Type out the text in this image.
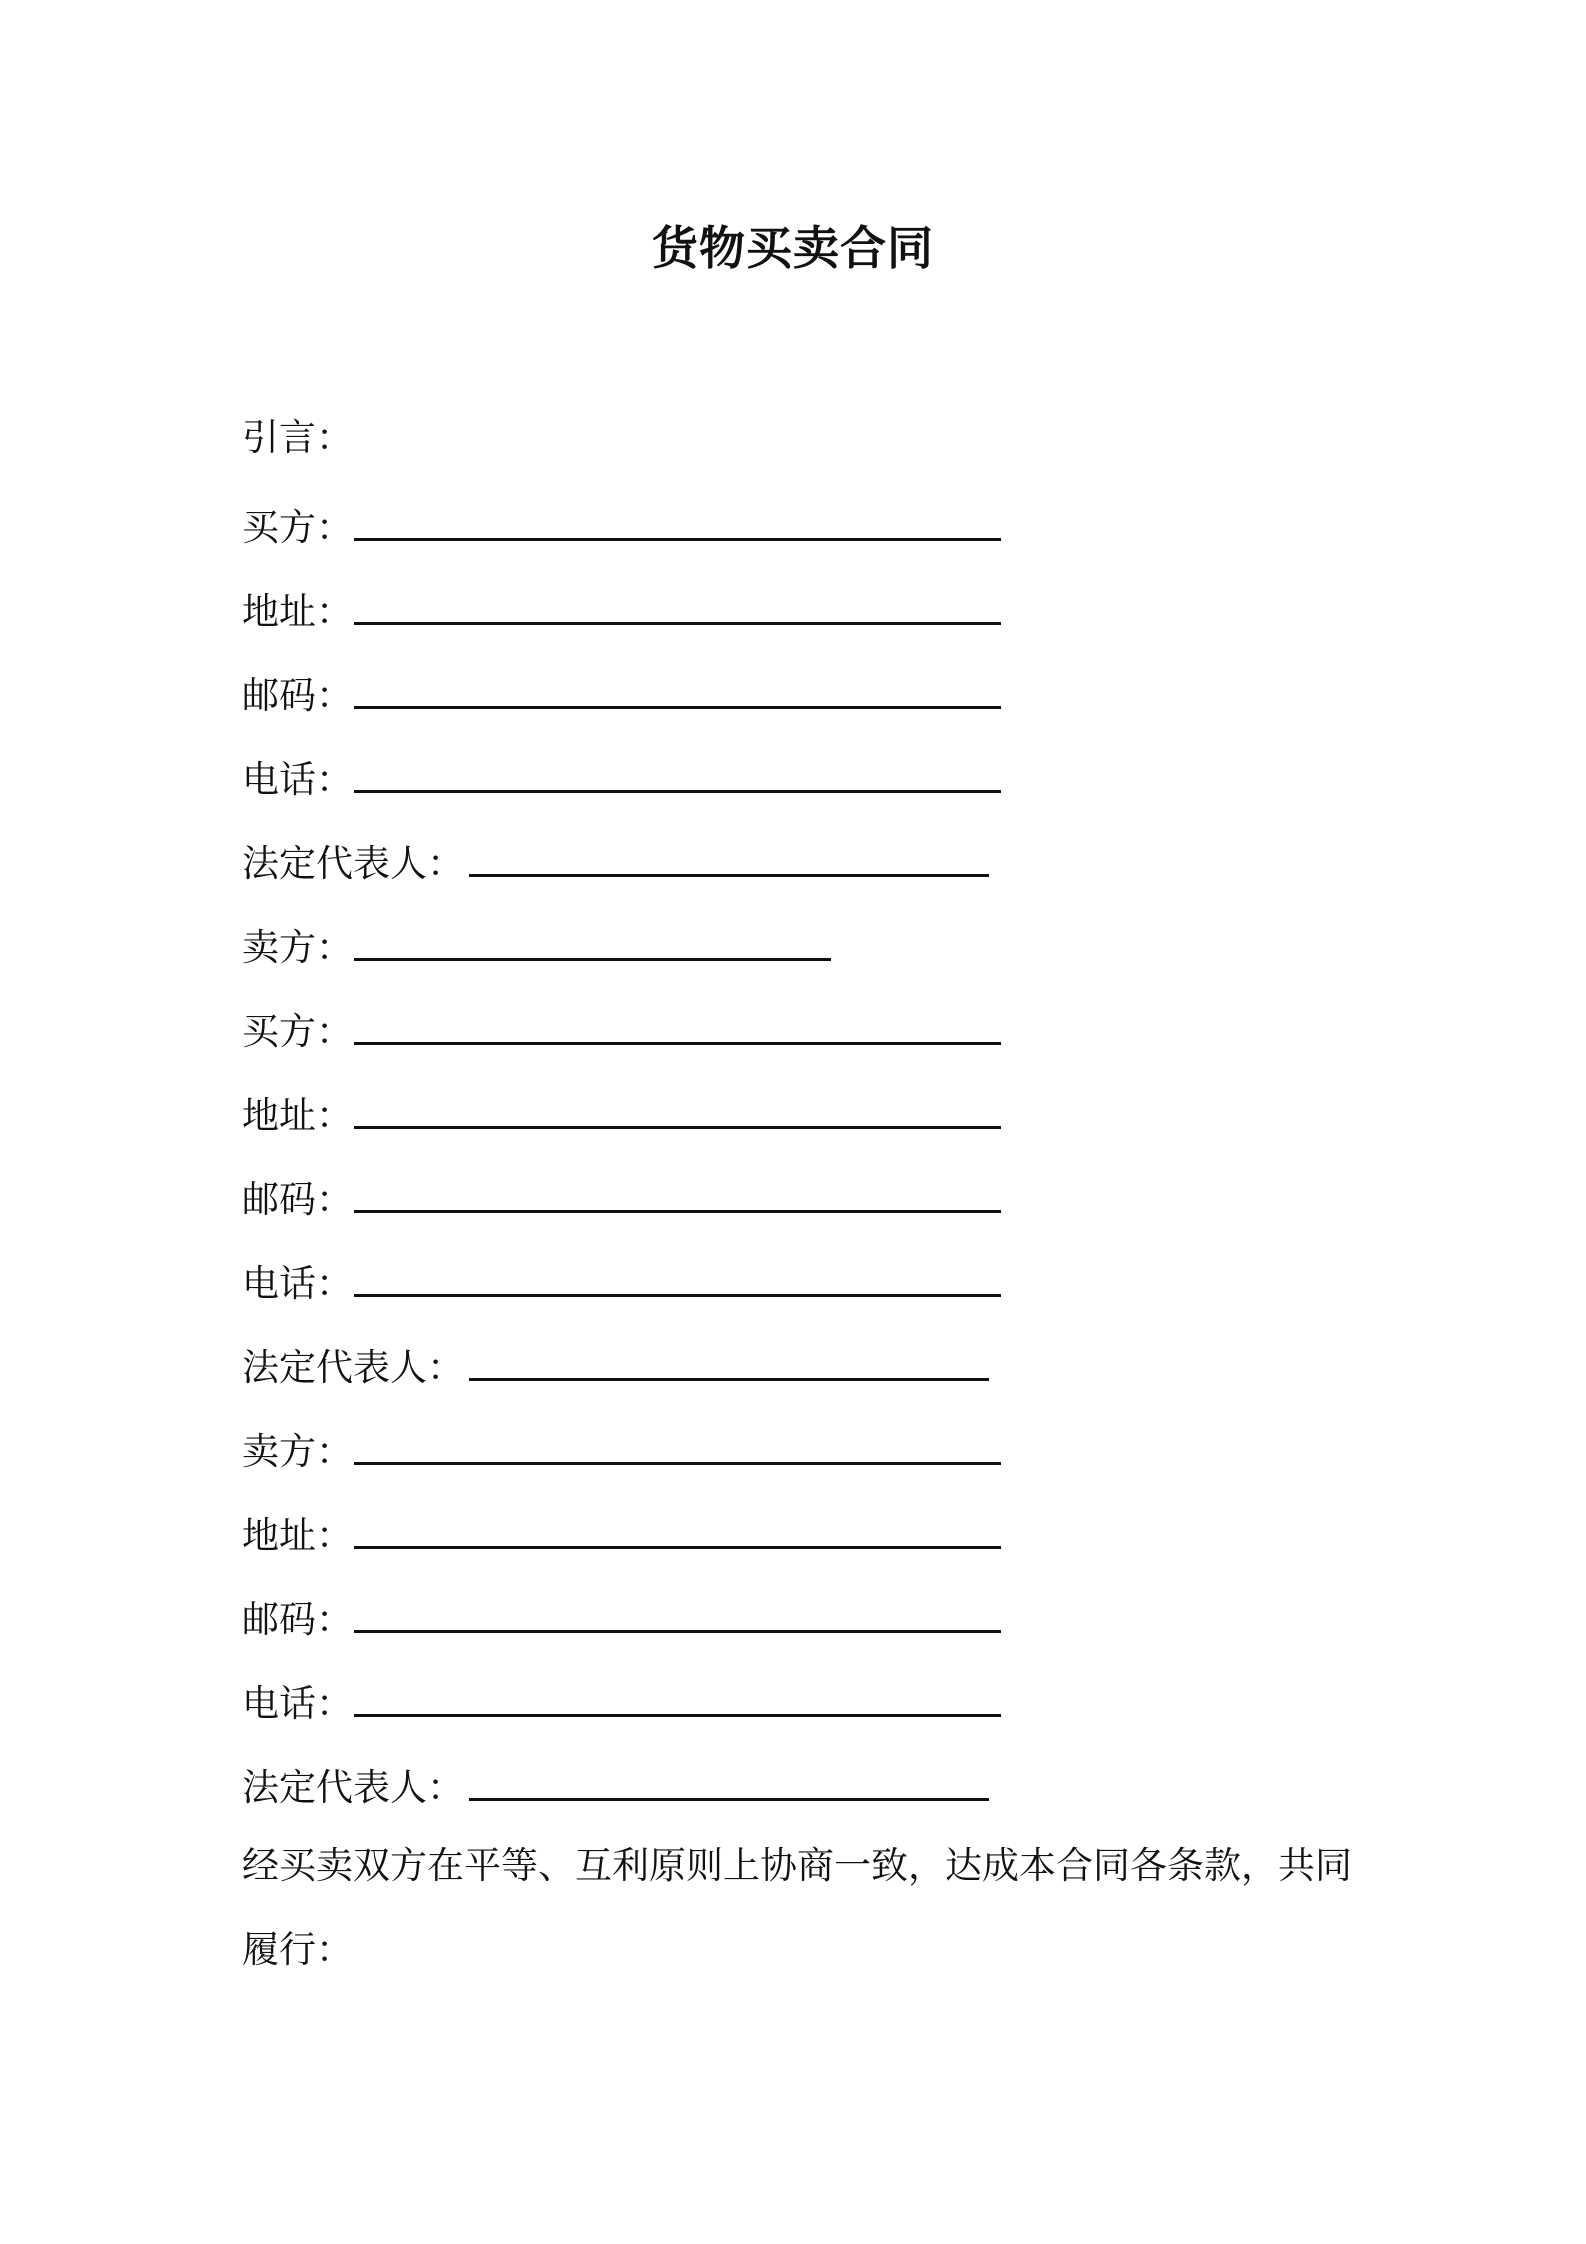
货物买卖合同
引言：
买方：
地址：
邮码：
电话：
法定代表人：
卖方：
买方：
地址：
邮码：
电话：
法定代表人：
卖方：
地址：
邮码：
电话：
法定代表人：
经买卖双方在平等、互利原则上协商一致，达成本合同各条款，共同
履行：
